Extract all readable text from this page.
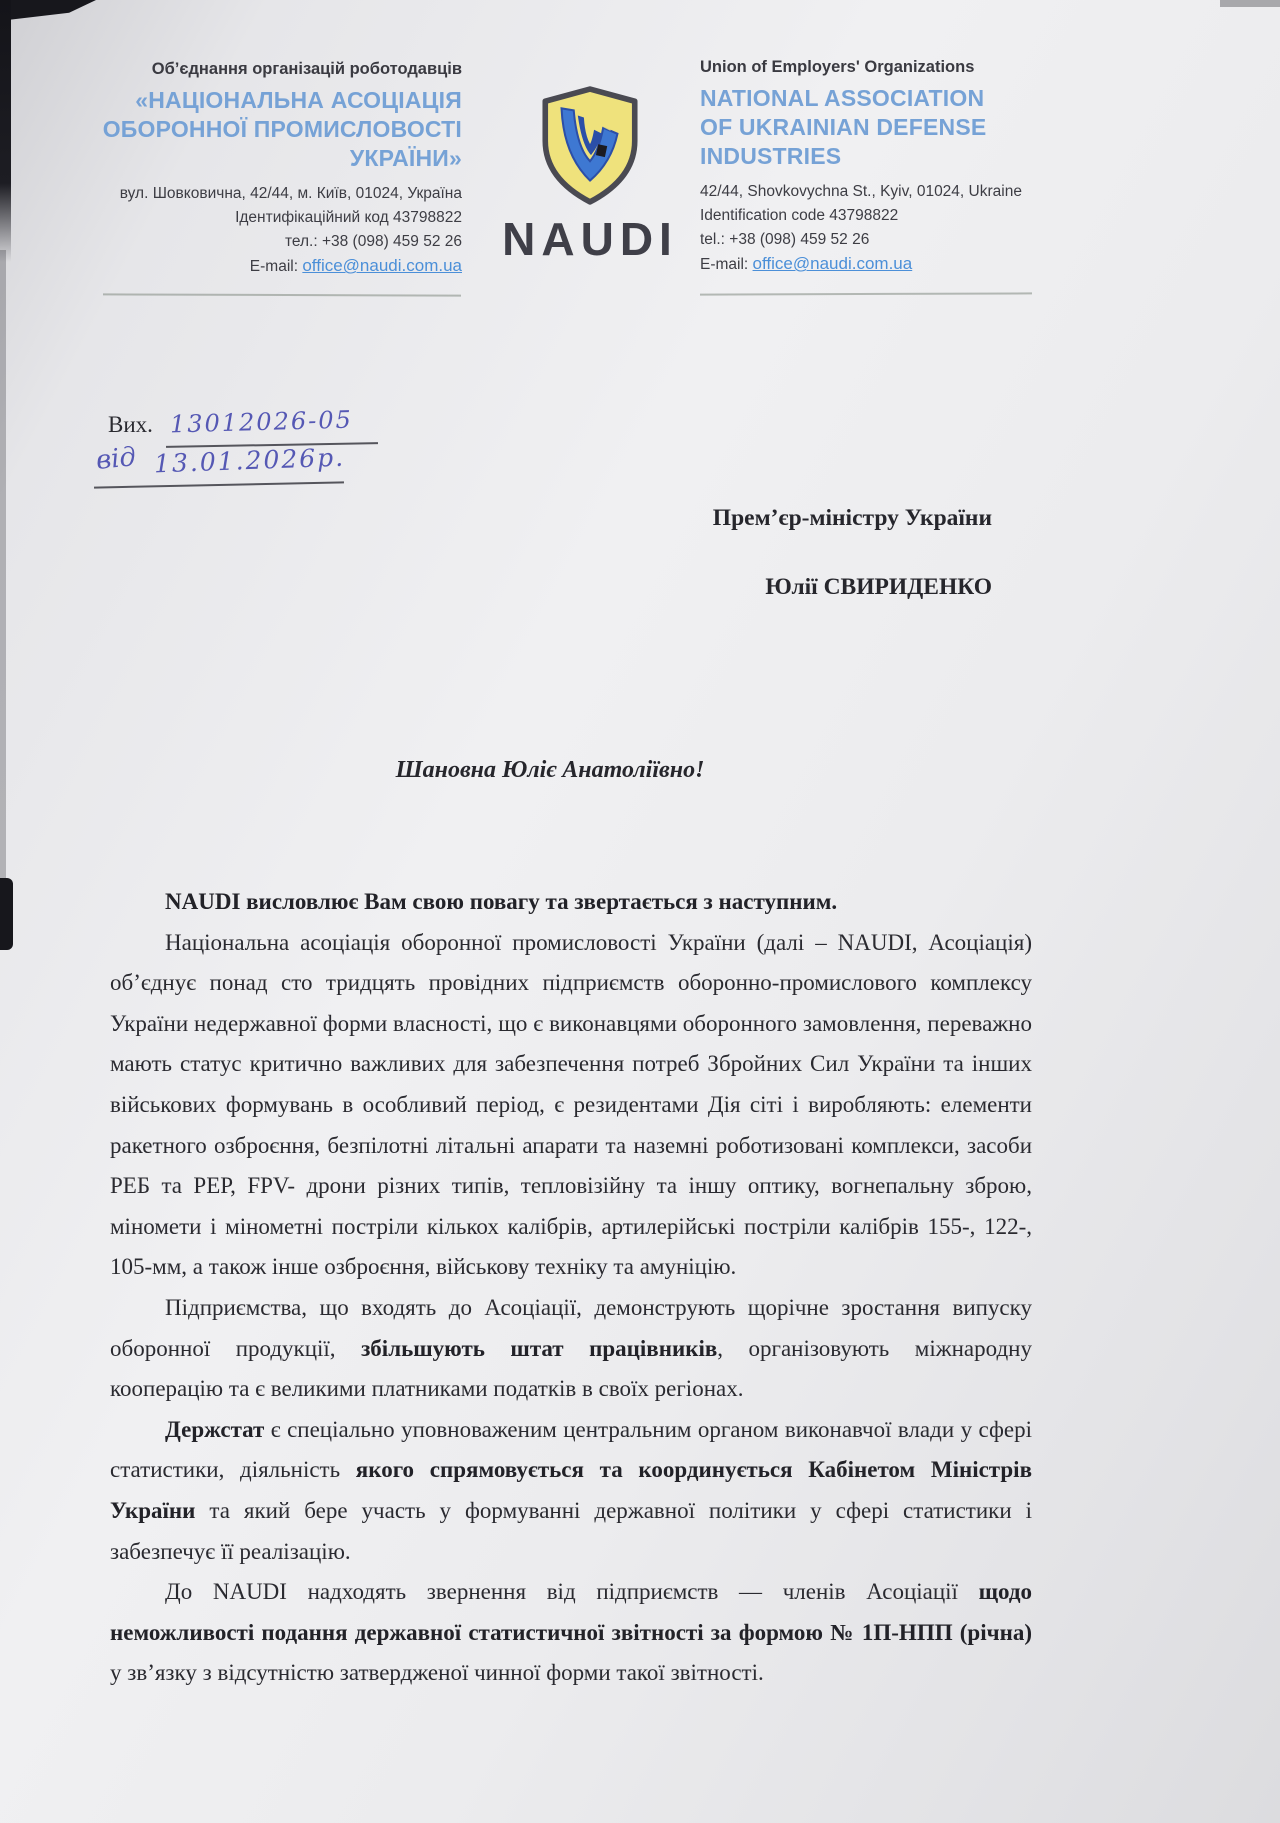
Об’єднання організацій роботодавців
«НАЦІОНАЛЬНА АСОЦІАЦІЯ
ОБОРОННОЇ ПРОМИСЛОВОСТІ
УКРАЇНИ»
вул. Шовковична, 42/44, м. Київ, 01024, Україна
Ідентифікаційний код 43798822
тел.: +38 (098) 459 52 26
E-mail: office@naudi.com.ua
NAUDI
Union of Employers' Organizations
NATIONAL ASSOCIATION
OF UKRAINIAN DEFENSE
INDUSTRIES
42/44, Shovkovychna St., Kyiv, 01024, Ukraine
Identification code 43798822
tel.: +38 (098) 459 52 26
E-mail: office@naudi.com.ua
Вих. 13012026-05
від 13.01.2026р.
Прем’єр-міністру України
Юлії СВИРИДЕНКО
Шановна Юліє Анатоліївно!

NAUDI висловлює Вам свою повагу та звертається з наступним.

Національна асоціація оборонної промисловості України (далі – NAUDI, Асоціація) об’єднує понад сто тридцять провідних підприємств оборонно-промислового комплексу України недержавної форми власності, що є виконавцями оборонного замовлення, переважно мають статус критично важливих для забезпечення потреб Збройних Сил України та інших військових формувань в особливий період, є резидентами Дія сіті і виробляють: елементи ракетного озброєння, безпілотні літальні апарати та наземні роботизовані комплекси, засоби РЕБ та РЕР, FPV- дрони різних типів, тепловізійну та іншу оптику, вогнепальну зброю, міномети і мінометні постріли кількох калібрів, артилерійські постріли калібрів 155-, 122-, 105-мм, а також інше озброєння, військову техніку та амуніцію.

Підприємства, що входять до Асоціації, демонструють щорічне зростання випуску оборонної продукції, збільшують штат працівників, організовують міжнародну кооперацію та є великими платниками податків в своїх регіонах.

Держстат є спеціально уповноваженим центральним органом виконавчої влади у сфері статистики, діяльність якого спрямовується та координується Кабінетом Міністрів України та який бере участь у формуванні державної політики у сфері статистики і забезпечує її реалізацію.

До NAUDI надходять звернення від підприємств — членів Асоціації щодо неможливості подання державної статистичної звітності за формою № 1П-НПП (річна) у зв’язку з відсутністю затвердженої чинної форми такої звітності.
